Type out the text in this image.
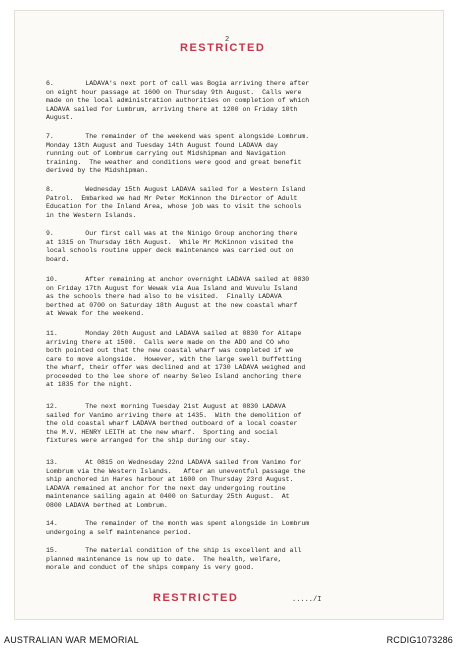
RESTRICTED
2
6.        LADAVA's next port of call was Bogia arriving there after
on eight hour passage at 1600 on Thursday 9th August.  Calls were
made on the local administration authorities on completion of which
LADAVA sailed for Lumbrum, arriving there at 1200 on Friday 10th
August.
7.        The remainder of the weekend was spent alongside Lombrum.
Monday 13th August and Tuesday 14th August found LADAVA day
running out of Lombrum carrying out Midshipman and Navigation
training.  The weather and conditions were good and great benefit
derived by the Midshipman.
8.        Wednesday 15th August LADAVA sailed for a Western Island
Patrol.  Embarked we had Mr Peter McKinnon the Director of Adult
Education for the Inland Area, whose job was to visit the schools
in the Western Islands.
9.        Our first call was at the Ninigo Group anchoring there
at 1315 on Thursday 16th August.  While Mr McKinnon visited the
local schools routine upper deck maintenance was carried out on
board.
10.       After remaining at anchor overnight LADAVA sailed at 0830
on Friday 17th August for Wewak via Aua Island and Wuvulu Island
as the schools there had also to be visited.  Finally LADAVA
berthed at 0700 on Saturday 18th August at the new coastal wharf
at Wewak for the weekend.
11.       Monday 20th August and LADAVA sailed at 0830 for Aitape
arriving there at 1500.  Calls were made on the ADO and CO who
both pointed out that the new coastal wharf was completed if we
care to move alongside.  However, with the large swell buffetting
the wharf, their offer was declined and at 1730 LADAVA weighed and
proceeded to the lee shore of nearby Seleo Island anchoring there
at 1835 for the night.
12.       The next morning Tuesday 21st August at 0830 LADAVA
sailed for Vanimo arriving there at 1435.  With the demolition of
the old coastal wharf LADAVA berthed outboard of a local coaster
the M.V. HENRY LEITH at the new wharf.  Sporting and social
fixtures were arranged for the ship during our stay.
13.       At 0815 on Wednesday 22nd LADAVA sailed from Vanimo for
Lombrum via the Western Islands.   After an uneventful passage the
ship anchored in Hares harbour at 1600 on Thursday 23rd August.
LADAVA remained at anchor for the next day undergoing routine
maintenance sailing again at 0400 on Saturday 25th August.  At
0800 LADAVA berthed at Lombrum.
14.       The remainder of the month was spent alongside in Lombrum
undergoing a self maintenance period.
15.       The material condition of the ship is excellent and all
planned maintenance is now up to date.  The health, welfare,
morale and conduct of the ships company is very good.
RESTRICTED	...../I
AUSTRALIAN WAR MEMORIAL	RCDIG1073286
